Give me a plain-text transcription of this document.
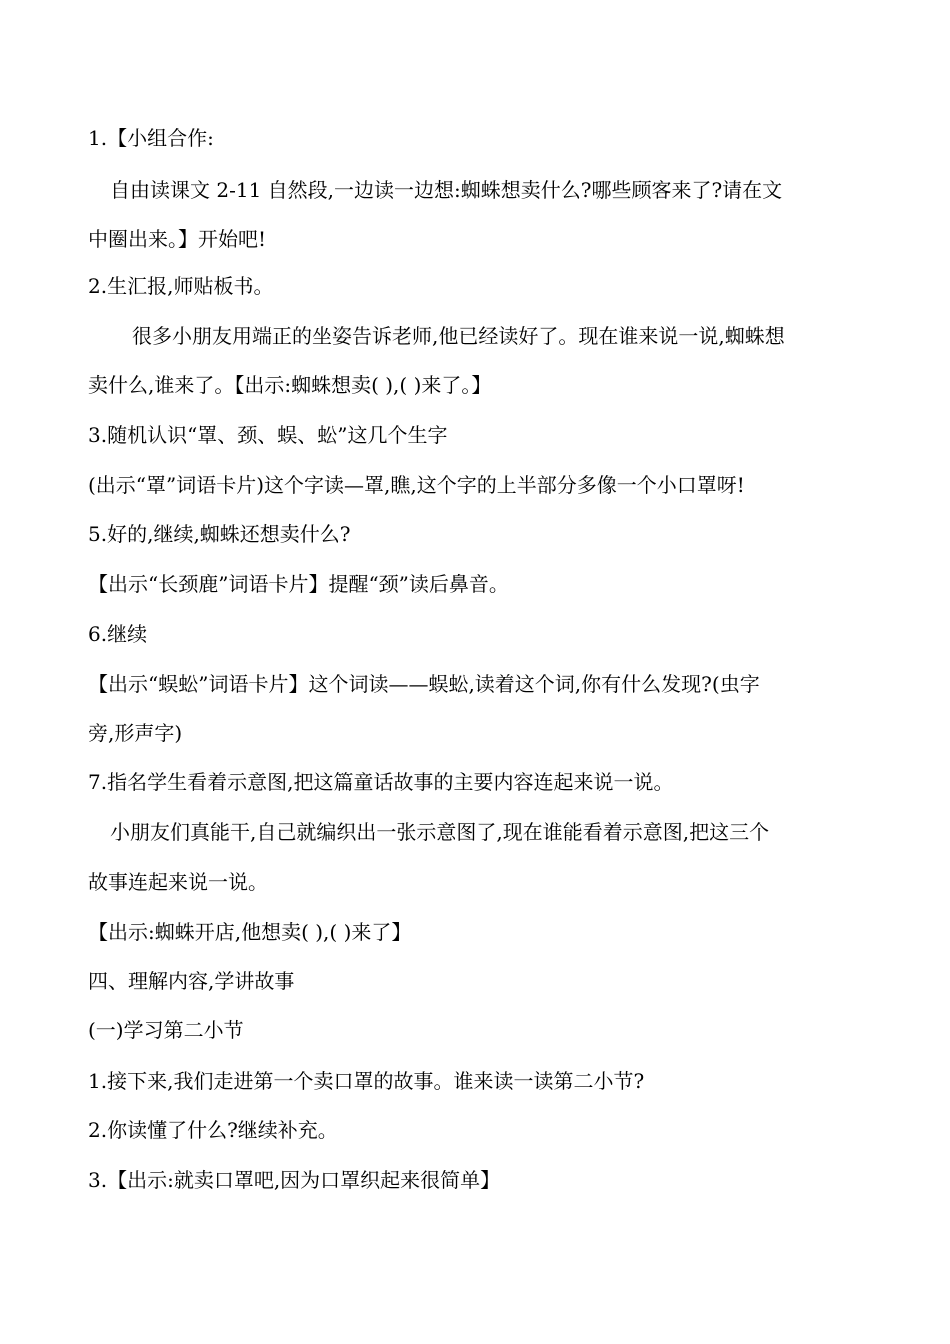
1.【小组合作:
自由读课文 2-11 自然段,一边读一边想:蜘蛛想卖什么?哪些顾客来了?请在文
中圈出来。】开始吧!
2.生汇报,师贴板书。
很多小朋友用端正的坐姿告诉老师,他已经读好了。现在谁来说一说,蜘蛛想
卖什么,谁来了。【出示:蜘蛛想卖( ),( )来了。】
3.随机认识“罩、颈、蜈、蚣”这几个生字
(出示“罩”词语卡片)这个字读—罩,瞧,这个字的上半部分多像一个小口罩呀!
5.好的,继续,蜘蛛还想卖什么?
【出示“长颈鹿”词语卡片】提醒“颈”读后鼻音。
6.继续
【出示“蜈蚣”词语卡片】这个词读——蜈蚣,读着这个词,你有什么发现?(虫字
旁,形声字)
7.指名学生看着示意图,把这篇童话故事的主要内容连起来说一说。
小朋友们真能干,自己就编织出一张示意图了,现在谁能看着示意图,把这三个
故事连起来说一说。
【出示:蜘蛛开店,他想卖( ),( )来了】
四、理解内容,学讲故事
(一)学习第二小节
1.接下来,我们走进第一个卖口罩的故事。谁来读一读第二小节?
2.你读懂了什么?继续补充。
3.【出示:就卖口罩吧,因为口罩织起来很简单】
